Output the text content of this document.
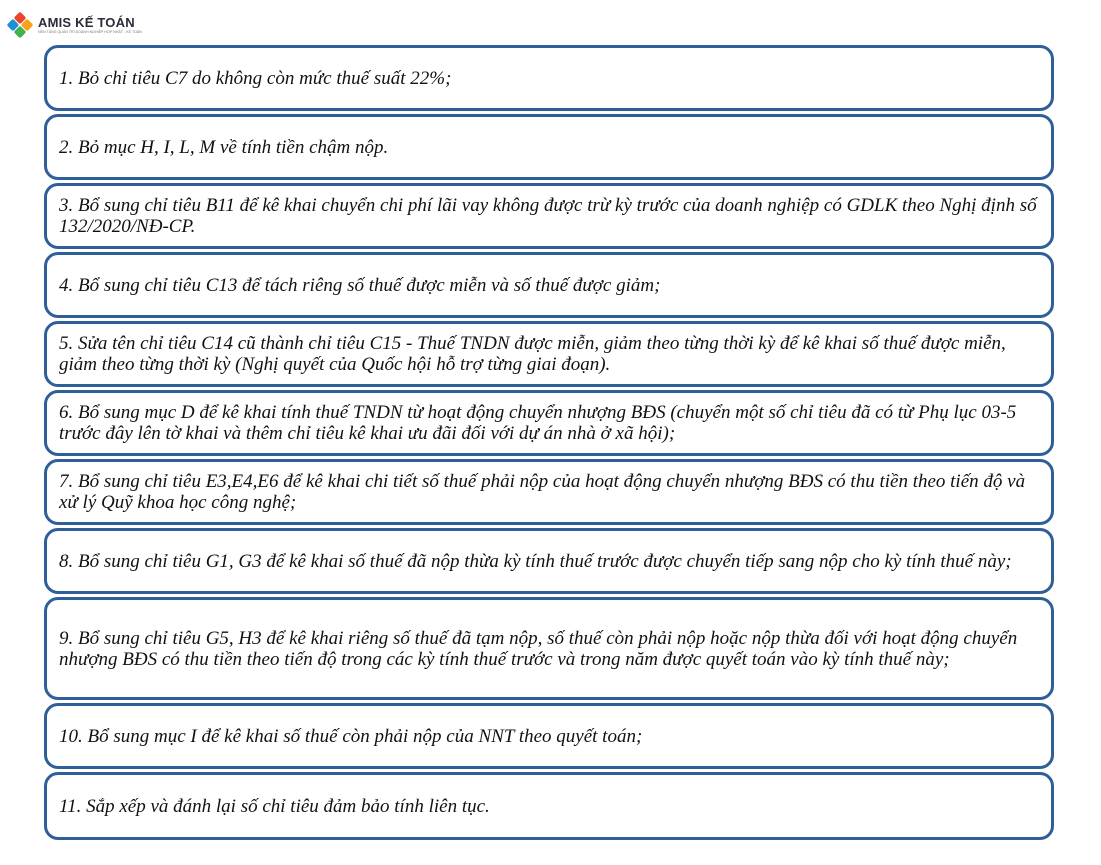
AMIS KẾ TOÁN
NỀN TẢNG QUẢN TRỊ DOANH NGHIỆP HỢP NHẤT - KẾ TOÁN
1. Bỏ chỉ tiêu C7 do không còn mức thuế suất 22%;
2. Bỏ mục H, I, L, M về tính tiền chậm nộp.
3. Bổ sung chỉ tiêu B11 để kê khai chuyển chi phí lãi vay không được trừ kỳ trước của doanh nghiệp có GDLK theo Nghị định số 132/2020/NĐ-CP.
4. Bổ sung chỉ tiêu C13 để tách riêng số thuế được miễn và số thuế được giảm;
5. Sửa tên chỉ tiêu C14 cũ thành chỉ tiêu C15 - Thuế TNDN được miễn, giảm theo từng thời kỳ để kê khai số thuế được miễn, giảm theo từng thời kỳ (Nghị quyết của Quốc hội hỗ trợ từng giai đoạn).
6. Bổ sung mục D để kê khai tính thuế TNDN từ hoạt động chuyển nhượng BĐS (chuyển một số chỉ tiêu đã có từ Phụ lục 03-5 trước đây lên tờ khai và thêm chỉ tiêu kê khai ưu đãi đối với dự án nhà ở xã hội);
7. Bổ sung chỉ tiêu E3,E4,E6 để kê khai chi tiết số thuế phải nộp của hoạt động chuyển nhượng BĐS có thu tiền theo tiến độ và xử lý Quỹ khoa học công nghệ;
8. Bổ sung chỉ tiêu G1, G3 để kê khai số thuế đã nộp thừa kỳ tính thuế trước được chuyển tiếp sang nộp cho kỳ tính thuế này;
9. Bổ sung chỉ tiêu G5, H3 để kê khai riêng số thuế đã tạm nộp, số thuế còn phải nộp hoặc nộp thừa đối với hoạt động chuyển nhượng BĐS có thu tiền theo tiến độ trong các kỳ tính thuế trước và trong năm được quyết toán vào kỳ tính thuế này;
10. Bổ sung mục I để kê khai số thuế còn phải nộp của NNT theo quyết toán;
11. Sắp xếp và đánh lại số chỉ tiêu đảm bảo tính liên tục.
